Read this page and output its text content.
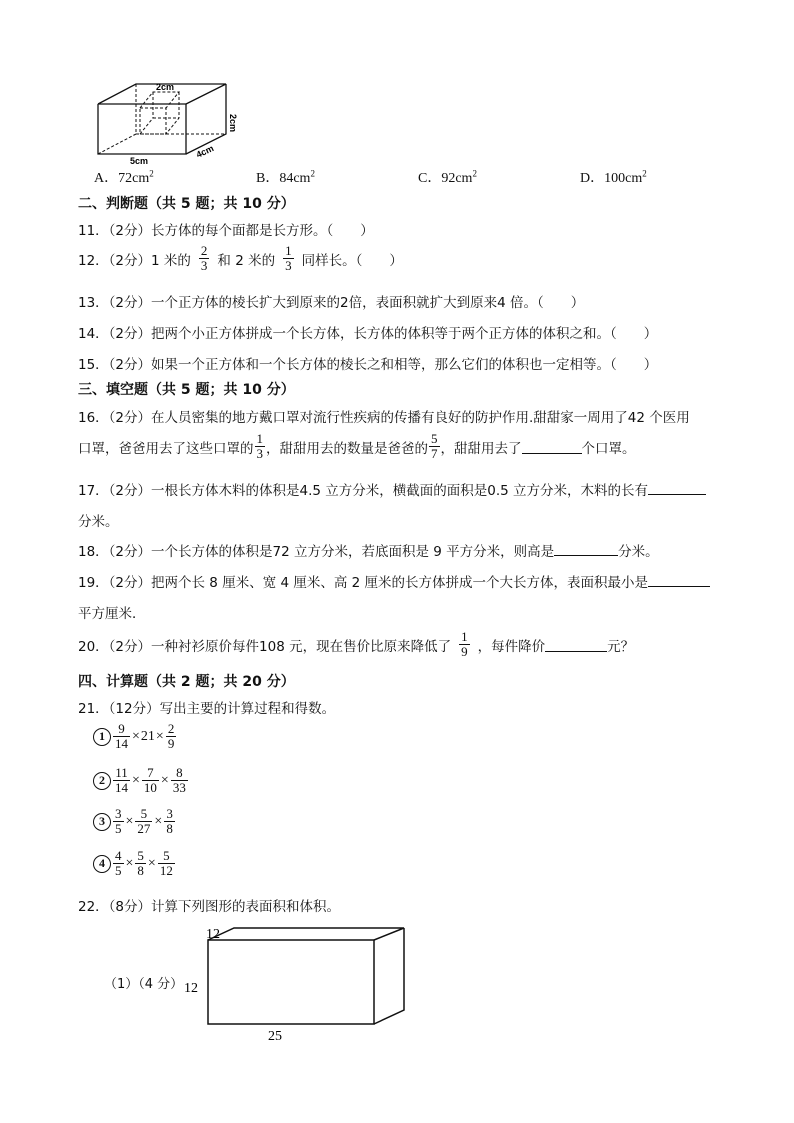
2cm
2cm
5cm
4cm
A．$72cm^2$	B．$84cm^2$	C．$92cm^2$	D．$100cm^2$
二、判断题（共 5 题；共 10 分）
11．（2分）长方体的每个面都是长方形。（　　）
12．（2分）1 米的 $\frac{2}{3}$ 和 2 米的 $\frac{1}{3}$ 同样长。（　　）
13．（2分）一个正方体的棱长扩大到原来的2倍，表面积就扩大到原来4 倍。（　　）
14．（2分）把两个小正方体拼成一个长方体，长方体的体积等于两个正方体的体积之和。（　　）
15．（2分）如果一个正方体和一个长方体的棱长之和相等，那么它们的体积也一定相等。（　　）
三、填空题（共 5 题；共 10 分）
16．（2分）在人员密集的地方戴口罩对流行性疾病的传播有良好的防护作用.甜甜家一周用了42 个医用
口罩，爸爸用去了这些口罩的 $\frac{1}{3}$ ，甜甜用去的数量是爸爸的 $\frac{5}{7}$ ，甜甜用去了	个口罩。
17．（2分）一根长方体木料的体积是4.5 立方分米，横截面的面积是0.5 立方分米，木料的长有
分米。
18．（2分）一个长方体的体积是72 立方分米，若底面积是 9 平方分米，则高是	分米。
19．（2分）把两个长 8 厘米、宽 4 厘米、高 2 厘米的长方体拼成一个大长方体，表面积最小是
平方厘米．
20．（2分）一种衬衫原价每件108 元，现在售价比原来降低了 $\frac{1}{9}$ ，每件降价	元？
四、计算题（共 2 题；共 20 分）
21．（12分）写出主要的计算过程和得数。
$1 \frac{9}{14} \times 21 \times \frac{2}{9}$
$2 \frac{11}{14} \times \frac{7}{10} \times \frac{8}{33}$
$3 \frac{3}{5} \times \frac{5}{27} \times \frac{3}{8}$
$4 \frac{4}{5} \times \frac{5}{8} \times \frac{5}{12}$
22．（8分）计算下列图形的表面积和体积。
（1）（4 分）
12
12
25
